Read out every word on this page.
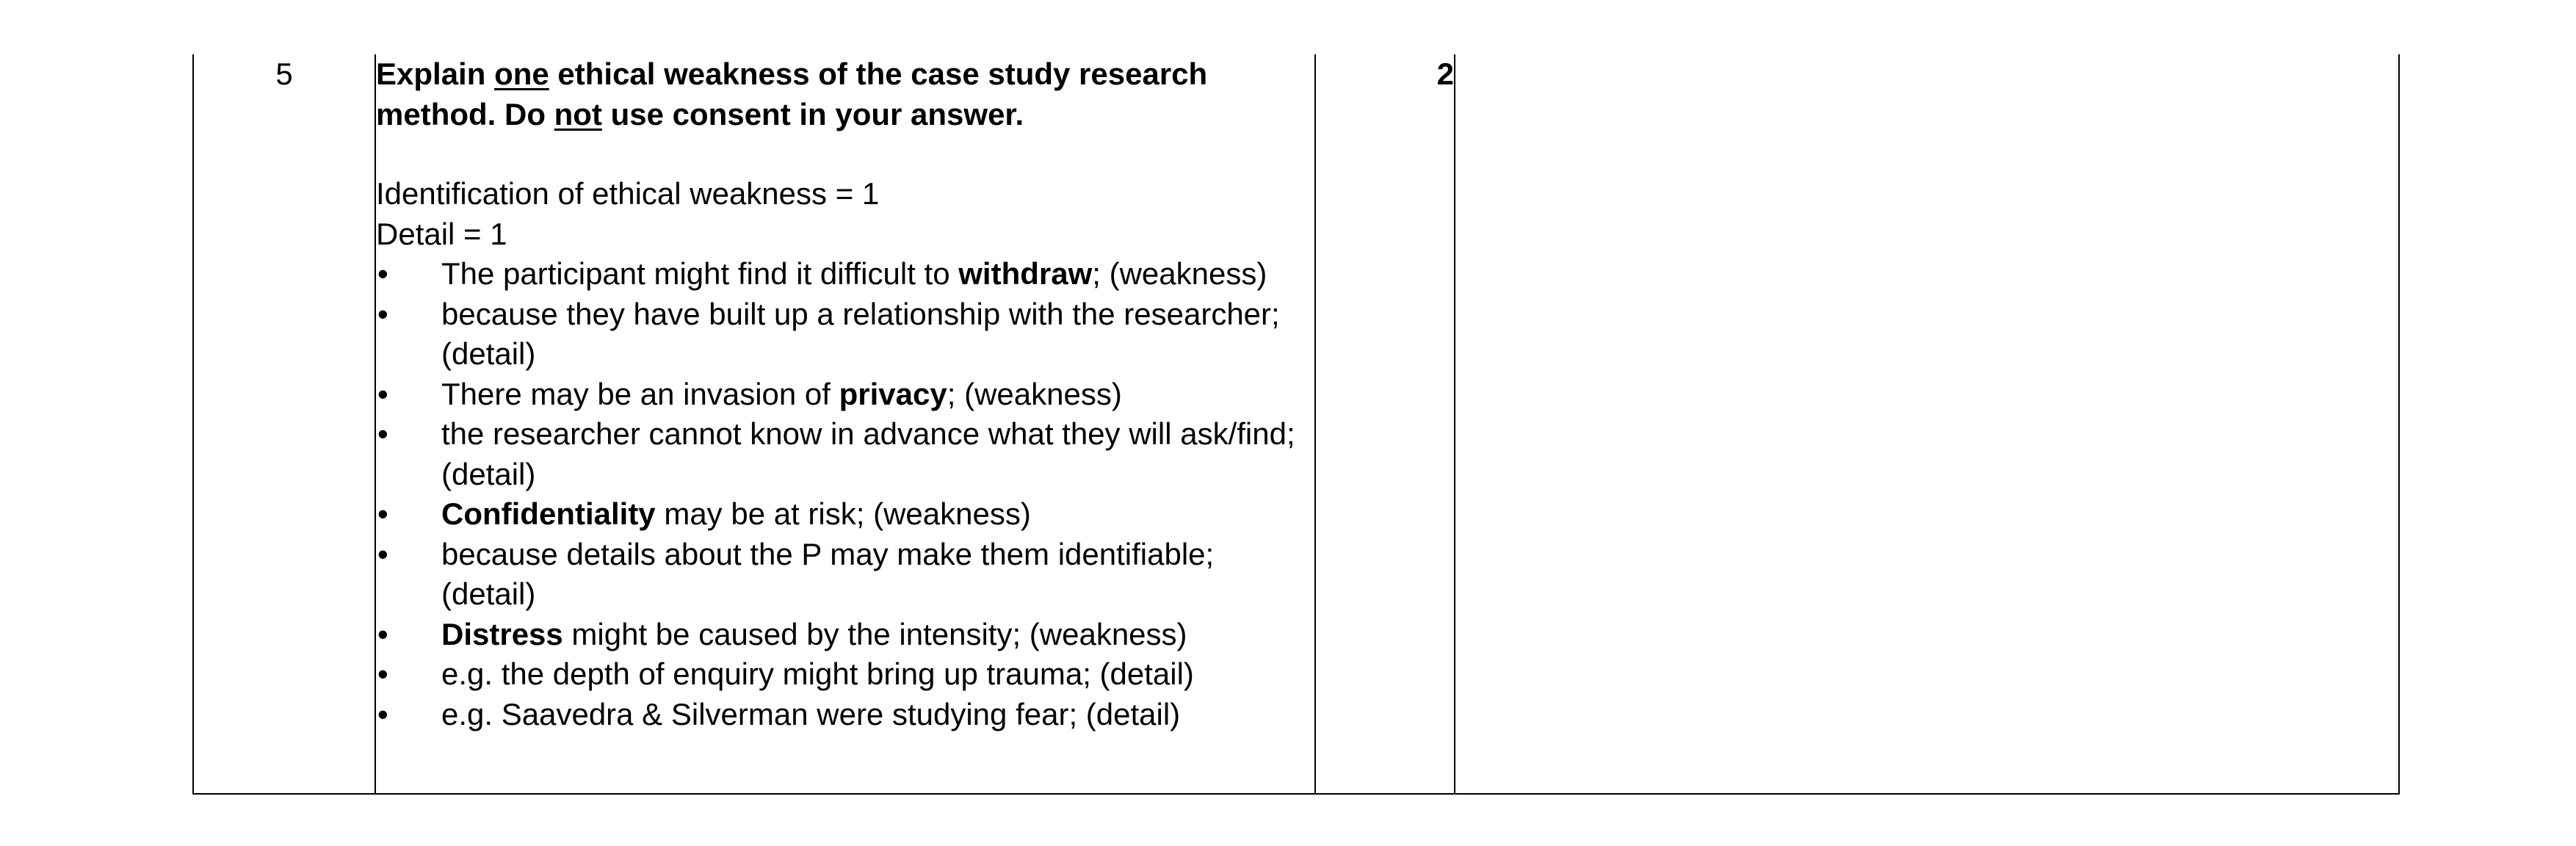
5	Explain one ethical weakness of the case study research method. Do not use consent in your answer.

Identification of ethical weakness = 1

Detail = 1

•	The participant might find it difficult to withdraw; (weakness)
•	because they have built up a relationship with the researcher; (detail)
•	There may be an invasion of privacy; (weakness)
•	the researcher cannot know in advance what they will ask/find; (detail)
•	Confidentiality may be at risk; (weakness)
•	because details about the P may make them identifiable; (detail)
•	Distress might be caused by the intensity; (weakness)
•	e.g. the depth of enquiry might bring up trauma; (detail)
•	e.g. Saavedra & Silverman were studying fear; (detail)
	2	
